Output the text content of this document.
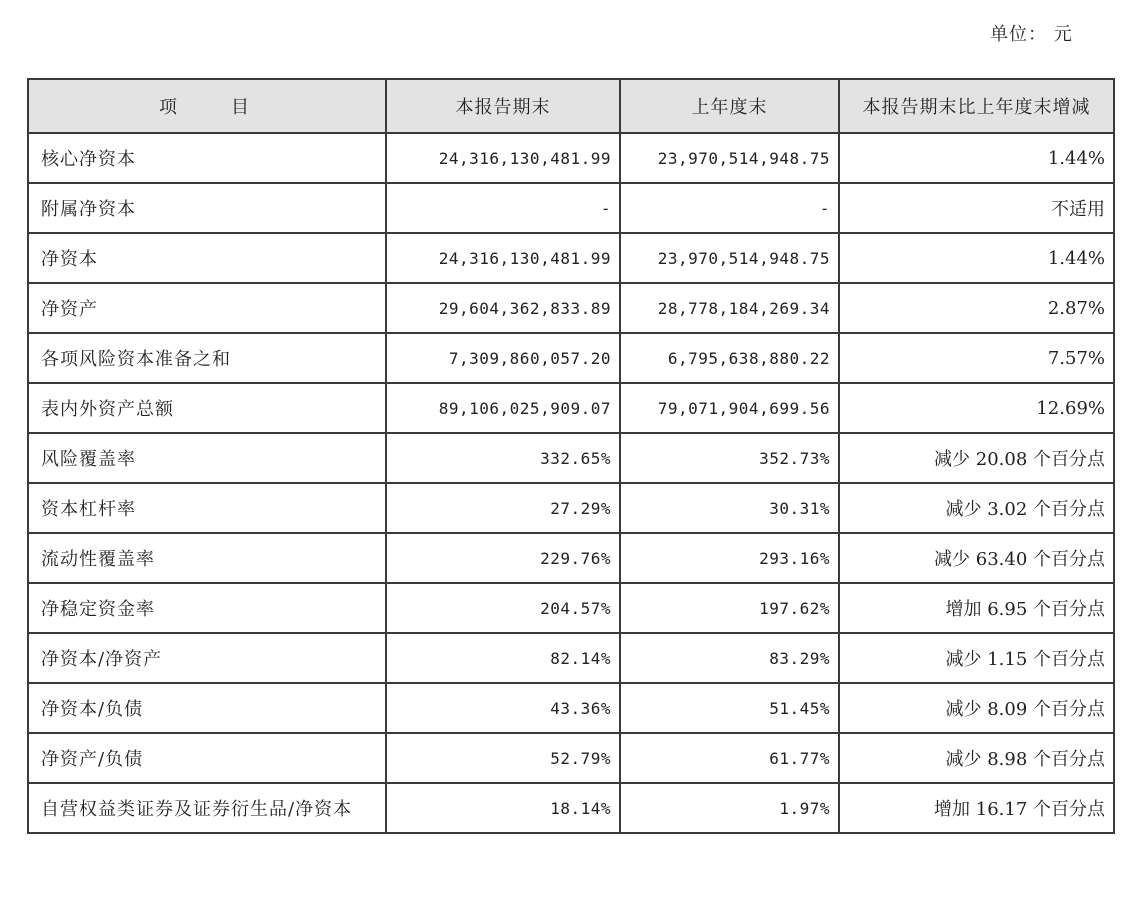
单位： 元
项　　目	本报告期末	上年度末	本报告期末比上年度末增减
核心净资本	24,316,130,481.99	23,970,514,948.75	1.44%
附属净资本	-	-	不适用
净资本	24,316,130,481.99	23,970,514,948.75	1.44%
净资产	29,604,362,833.89	28,778,184,269.34	2.87%
各项风险资本准备之和	7,309,860,057.20	6,795,638,880.22	7.57%
表内外资产总额	89,106,025,909.07	79,071,904,699.56	12.69%
风险覆盖率	332.65%	352.73%	减少 20.08 个百分点
资本杠杆率	27.29%	30.31%	减少 3.02 个百分点
流动性覆盖率	229.76%	293.16%	减少 63.40 个百分点
净稳定资金率	204.57%	197.62%	增加 6.95 个百分点
净资本/净资产	82.14%	83.29%	减少 1.15 个百分点
净资本/负债	43.36%	51.45%	减少 8.09 个百分点
净资产/负债	52.79%	61.77%	减少 8.98 个百分点
自营权益类证券及证券衍生品/净资本	18.14%	1.97%	增加 16.17 个百分点
